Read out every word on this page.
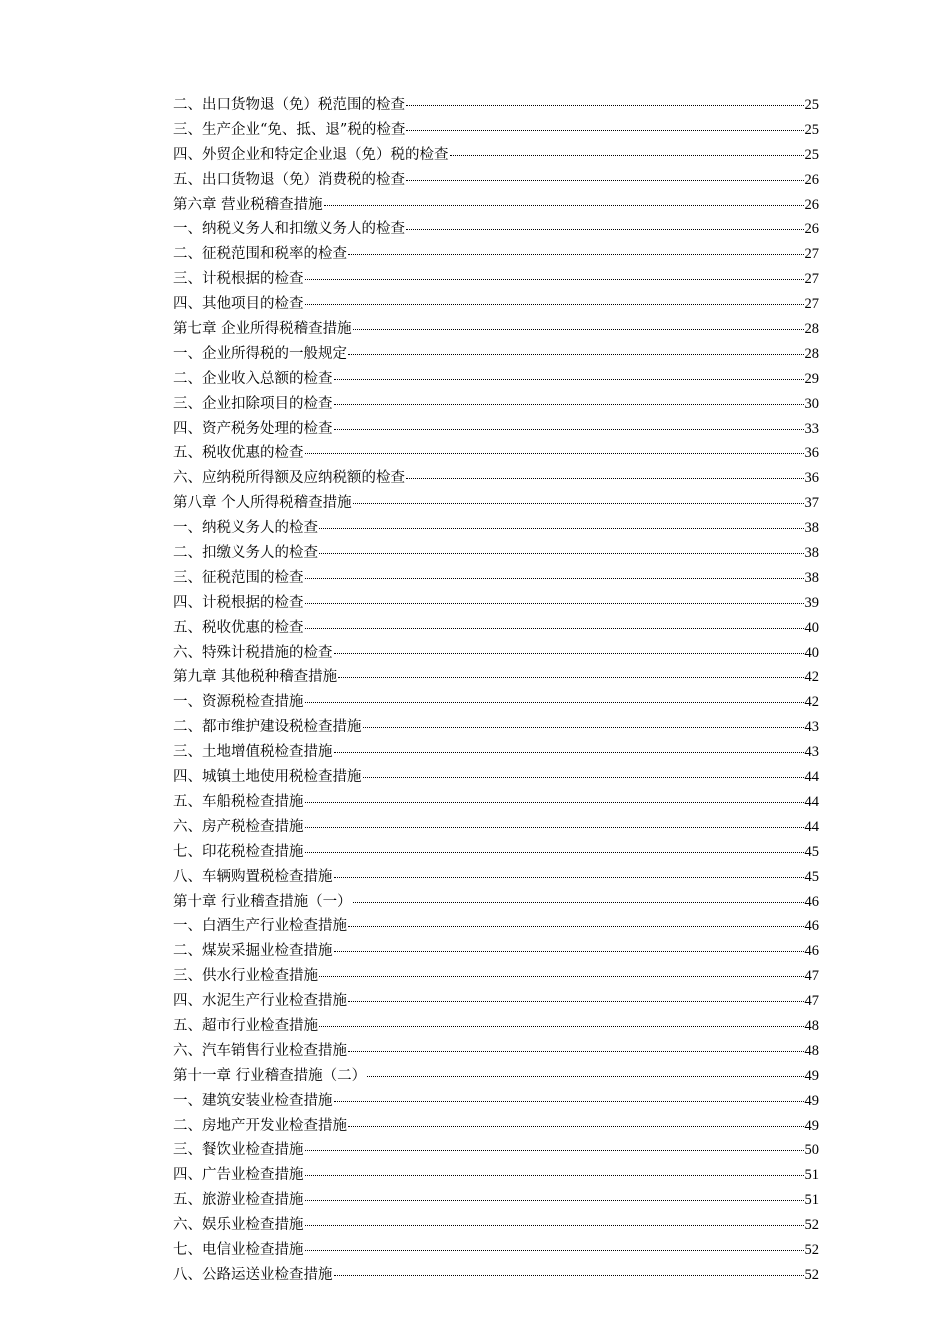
二、出口货物退（免）税范围的检查	25
三、生产企业“免、抵、退”税的检查	25
四、外贸企业和特定企业退（免）税的检查	25
五、出口货物退（免）消费税的检查	26
第六章 营业税稽查措施	26
一、纳税义务人和扣缴义务人的检查	26
二、征税范围和税率的检查	27
三、计税根据的检查	27
四、其他项目的检查	27
第七章 企业所得税稽查措施	28
一、企业所得税的一般规定	28
二、企业收入总额的检查	29
三、企业扣除项目的检查	30
四、资产税务处理的检查	33
五、税收优惠的检查	36
六、应纳税所得额及应纳税额的检查	36
第八章 个人所得税稽查措施	37
一、纳税义务人的检查	38
二、扣缴义务人的检查	38
三、征税范围的检查	38
四、计税根据的检查	39
五、税收优惠的检查	40
六、特殊计税措施的检查	40
第九章 其他税种稽查措施	42
一、资源税检查措施	42
二、都市维护建设税检查措施	43
三、土地增值税检查措施	43
四、城镇土地使用税检查措施	44
五、车船税检查措施	44
六、房产税检查措施	44
七、印花税检查措施	45
八、车辆购置税检查措施	45
第十章 行业稽查措施（一）	46
一、白酒生产行业检查措施	46
二、煤炭采掘业检查措施	46
三、供水行业检查措施	47
四、水泥生产行业检查措施	47
五、超市行业检查措施	48
六、汽车销售行业检查措施	48
第十一章 行业稽查措施（二）	49
一、建筑安装业检查措施	49
二、房地产开发业检查措施	49
三、餐饮业检查措施	50
四、广告业检查措施	51
五、旅游业检查措施	51
六、娱乐业检查措施	52
七、电信业检查措施	52
八、公路运送业检查措施	52
